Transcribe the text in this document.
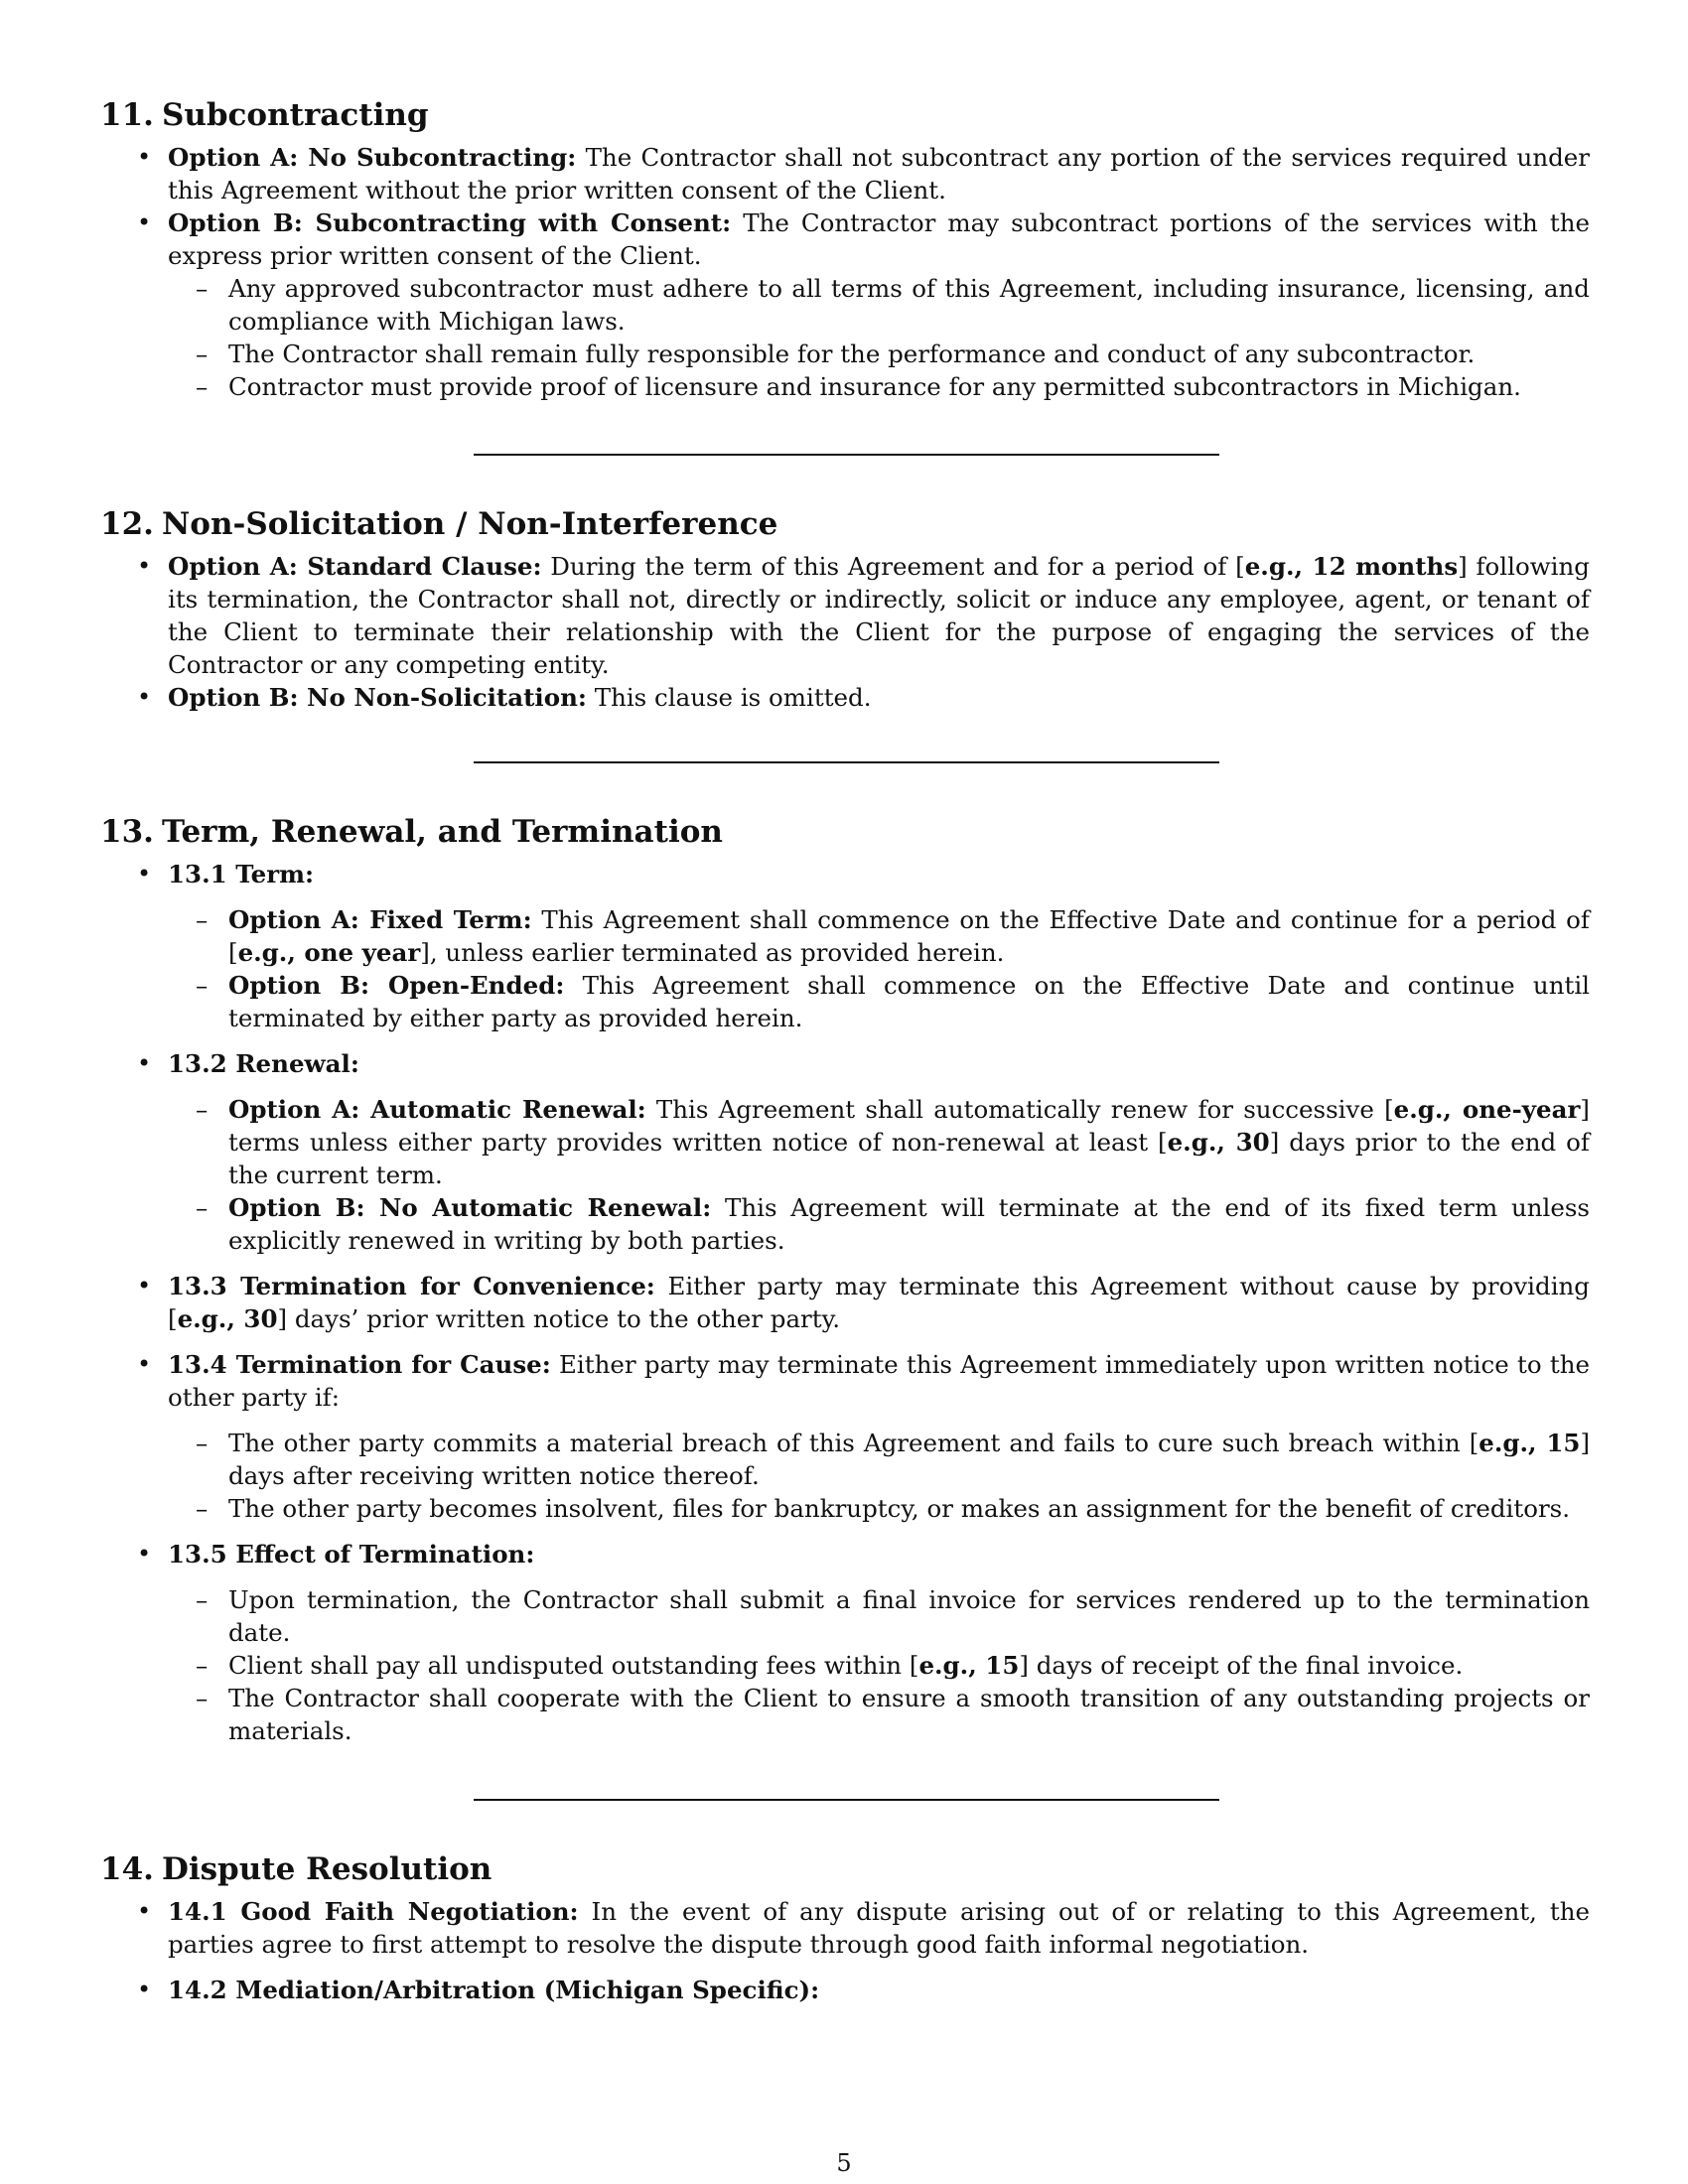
11. Subcontracting
• Option A: No Subcontracting: The Contractor shall not subcontract any portion of the services required under this Agreement without the prior written consent of the Client.
• Option B: Subcontracting with Consent: The Contractor may subcontract portions of the services with the express prior written consent of the Client.
– Any approved subcontractor must adhere to all terms of this Agreement, including insurance, licensing, and compliance with Michigan laws.
– The Contractor shall remain fully responsible for the performance and conduct of any subcontractor.
– Contractor must provide proof of licensure and insurance for any permitted subcontractors in Michigan.
12. Non-Solicitation / Non-Interference
• Option A: Standard Clause: During the term of this Agreement and for a period of [e.g., 12 months] following its termination, the Contractor shall not, directly or indirectly, solicit or induce any employee, agent, or tenant of the Client to terminate their relationship with the Client for the purpose of engaging the services of the Contractor or any competing entity.
• Option B: No Non-Solicitation: This clause is omitted.
13. Term, Renewal, and Termination
• 13.1 Term:
– Option A: Fixed Term: This Agreement shall commence on the Effective Date and continue for a period of [e.g., one year], unless earlier terminated as provided herein.
– Option B: Open-Ended: This Agreement shall commence on the Effective Date and continue until terminated by either party as provided herein.
• 13.2 Renewal:
– Option A: Automatic Renewal: This Agreement shall automatically renew for successive [e.g., one-year] terms unless either party provides written notice of non-renewal at least [e.g., 30] days prior to the end of the current term.
– Option B: No Automatic Renewal: This Agreement will terminate at the end of its fixed term unless explicitly renewed in writing by both parties.
• 13.3 Termination for Convenience: Either party may terminate this Agreement without cause by providing [e.g., 30] days’ prior written notice to the other party.
• 13.4 Termination for Cause: Either party may terminate this Agreement immediately upon written notice to the other party if:
– The other party commits a material breach of this Agreement and fails to cure such breach within [e.g., 15] days after receiving written notice thereof.
– The other party becomes insolvent, files for bankruptcy, or makes an assignment for the benefit of creditors.
• 13.5 Effect of Termination:
– Upon termination, the Contractor shall submit a final invoice for services rendered up to the termination date.
– Client shall pay all undisputed outstanding fees within [e.g., 15] days of receipt of the final invoice.
– The Contractor shall cooperate with the Client to ensure a smooth transition of any outstanding projects or materials.
14. Dispute Resolution
• 14.1 Good Faith Negotiation: In the event of any dispute arising out of or relating to this Agreement, the parties agree to first attempt to resolve the dispute through good faith informal negotiation.
• 14.2 Mediation/Arbitration (Michigan Specific):
5
